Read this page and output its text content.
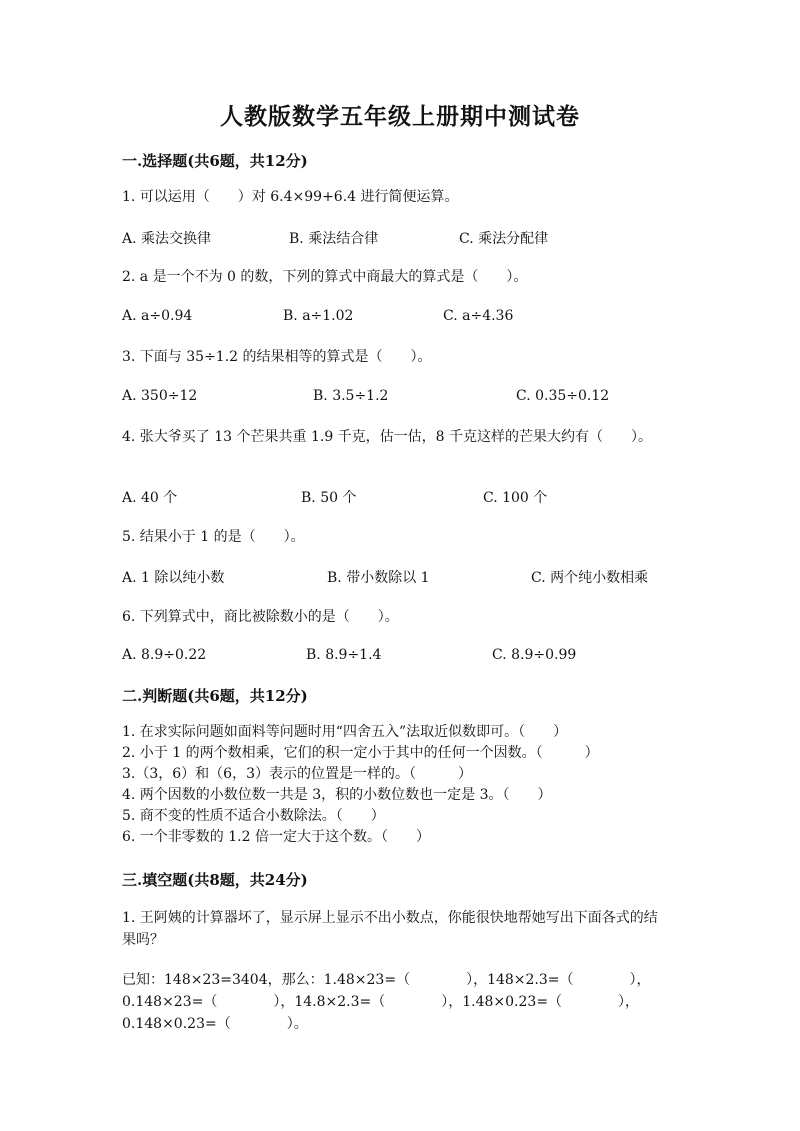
人教版数学五年级上册期中测试卷
一.选择题(共6题，共12分)
1. 可以运用（　　）对 6.4×99+6.4 进行简便运算。
A. 乘法交换律	B. 乘法结合律	C. 乘法分配律
2. a 是一个不为 0 的数，下列的算式中商最大的算式是（　　）。
A. a÷0.94	B. a÷1.02	C. a÷4.36
3. 下面与 35÷1.2 的结果相等的算式是（　　）。
A. 350÷12	B. 3.5÷1.2	C. 0.35÷0.12
4. 张大爷买了 13 个芒果共重 1.9 千克，估一估，8 千克这样的芒果大约有（　　）。
A. 40 个	B. 50 个	C. 100 个
5. 结果小于 1 的是（　　）。
A. 1 除以纯小数	B. 带小数除以 1	C. 两个纯小数相乘
6. 下列算式中，商比被除数小的是（　　）。
A. 8.9÷0.22	B. 8.9÷1.4	C. 8.9÷0.99
二.判断题(共6题，共12分)
1. 在求实际问题如面料等问题时用“四舍五入”法取近似数即可。（　　）
2. 小于 1 的两个数相乘，它们的积一定小于其中的任何一个因数。（　　　）
3.（3，6）和（6，3）表示的位置是一样的。（　　　）
4. 两个因数的小数位数一共是 3，积的小数位数也一定是 3。（　　）
5. 商不变的性质不适合小数除法。（　　）
6. 一个非零数的 1.2 倍一定大于这个数。（　　）
三.填空题(共8题，共24分)
1. 王阿姨的计算器坏了，显示屏上显示不出小数点，你能很快地帮她写出下面各式的结果吗？
已知：148×23=3404，那么：1.48×23=（　　　　），148×2.3=（　　　　），0.148×23=（　　　　），14.8×2.3=（　　　　），1.48×0.23=（　　　　），0.148×0.23=（　　　　）。
